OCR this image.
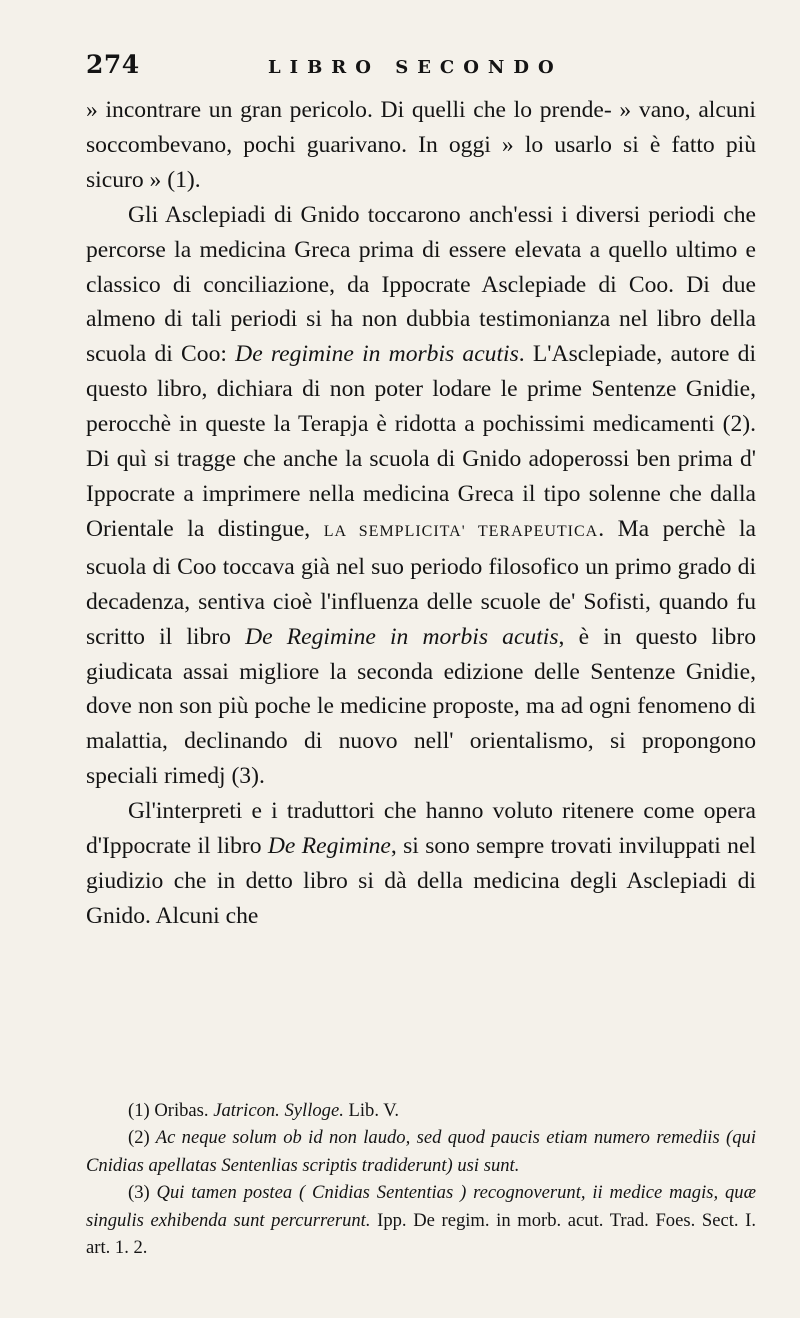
274	LIBRO SECONDO

» incontrare un gran pericolo. Di quelli che lo prende- » vano, alcuni soccombevano, pochi guarivano. In oggi » lo usarlo si è fatto più sicuro » (1).

Gli Asclepiadi di Gnido toccarono anch'essi i diversi periodi che percorse la medicina Greca prima di essere elevata a quello ultimo e classico di conciliazione, da Ippocrate Asclepiade di Coo. Di due almeno di tali periodi si ha non dubbia testimonianza nel libro della scuola di Coo: De regimine in morbis acutis. L'Asclepiade, autore di questo libro, dichiara di non poter lodare le prime Sentenze Gnidie, perocchè in queste la Terapja è ridotta a pochissimi medicamenti (2). Di quì si tragge che anche la scuola di Gnido adoperossi ben prima d' Ippocrate a imprimere nella medicina Greca il tipo solenne che dalla Orientale la distingue, LA SEMPLICITA' TERAPEUTICA. Ma perchè la scuola di Coo toccava già nel suo periodo filosofico un primo grado di decadenza, sentiva cioè l'influenza delle scuole de' Sofisti, quando fu scritto il libro De Regimine in morbis acutis, è in questo libro giudicata assai migliore la seconda edizione delle Sentenze Gnidie, dove non son più poche le medicine proposte, ma ad ogni fenomeno di malattia, declinando di nuovo nell' orientalismo, si propongono speciali rimedj (3).

Gl'interpreti e i traduttori che hanno voluto ritenere come opera d'Ippocrate il libro De Regimine, si sono sempre trovati inviluppati nel giudizio che in detto libro si dà della medicina degli Asclepiadi di Gnido. Alcuni che

(1) Oribas. Jatricon. Sylloge. Lib. V.

(2) Ac neque solum ob id non laudo, sed quod paucis etiam numero remediis (qui Cnidias apellatas Sentenlias scriptis tradiderunt) usi sunt.

(3) Qui tamen postea ( Cnidias Sententias ) recognoverunt, ii medice magis, quæ singulis exhibenda sunt percurrerunt. Ipp. De regim. in morb. acut. Trad. Foes. Sect. I. art. 1. 2.
